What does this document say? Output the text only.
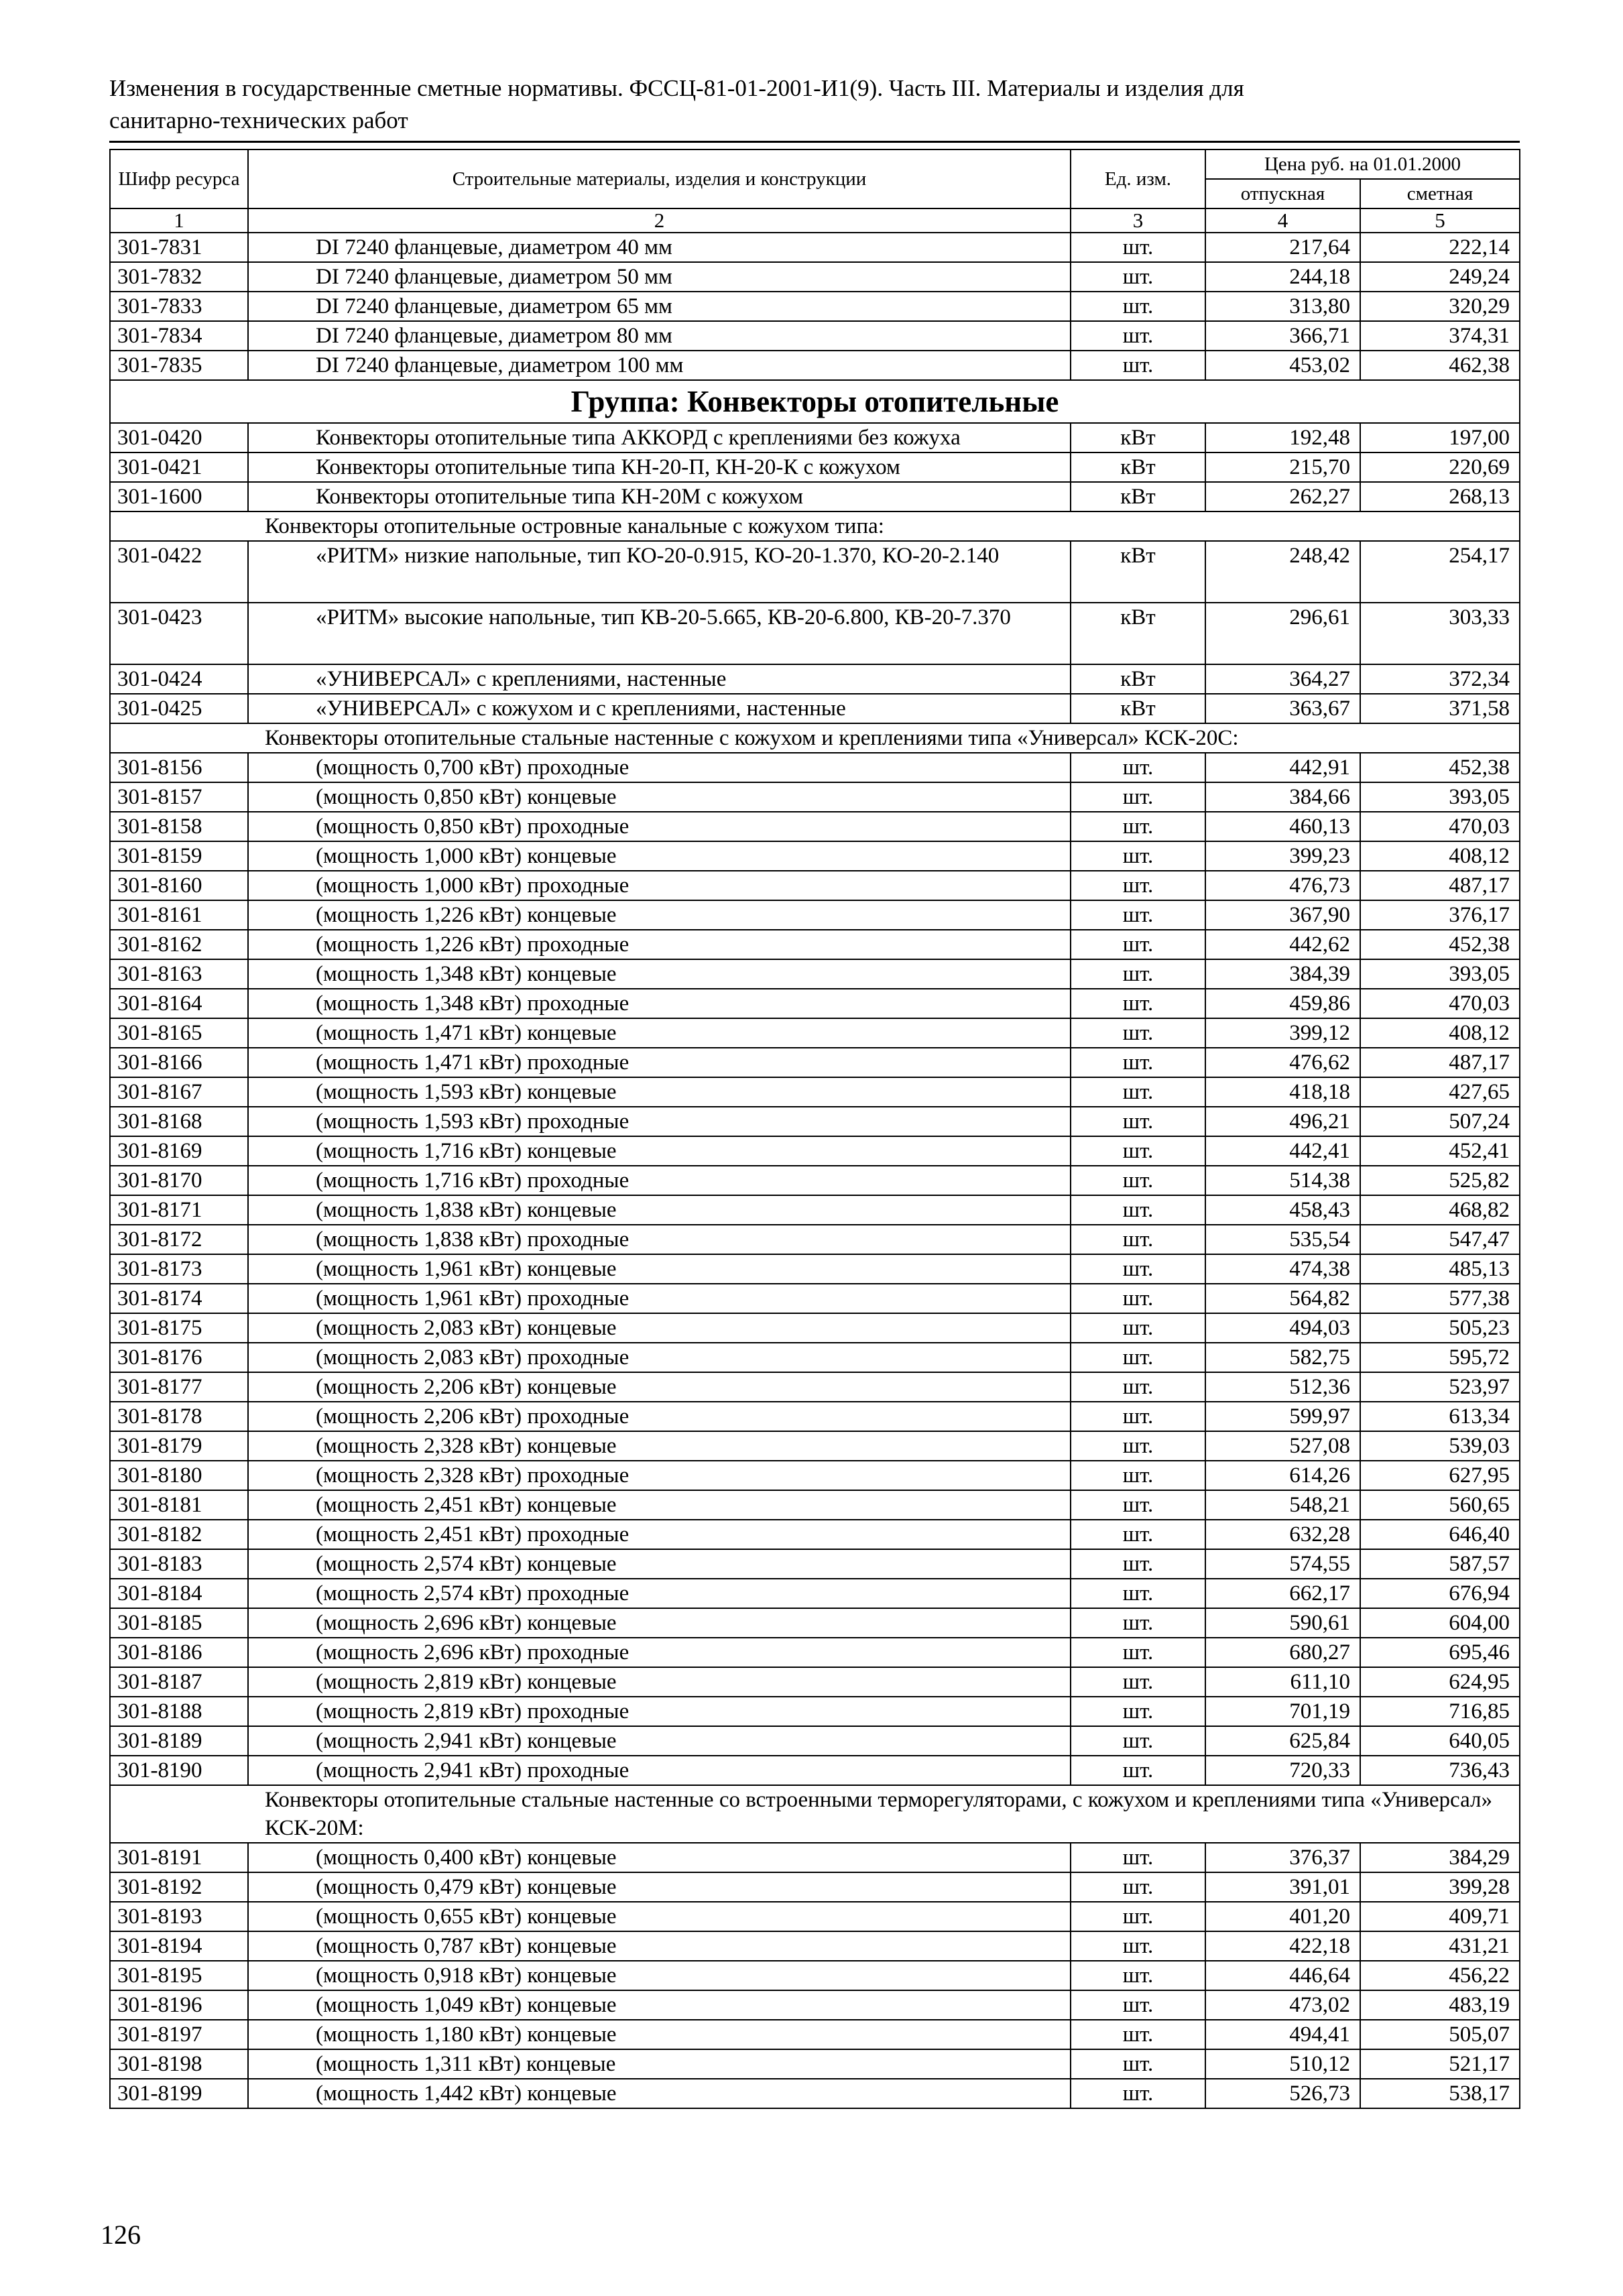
Изменения в государственные сметные нормативы. ФССЦ-81-01-2001-И1(9). Часть III. Материалы и изделия для
санитарно-технических работ
Шифр ресурса	Строительные материалы, изделия и конструкции	Ед. изм.	Цена руб. на 01.01.2000	
			отпускная	сметная
1	2	3	4	5
301-7831	DI 7240 фланцевые, диаметром 40 мм	шт.	217,64	222,14
301-7832	DI 7240 фланцевые, диаметром 50 мм	шт.	244,18	249,24
301-7833	DI 7240 фланцевые, диаметром 65 мм	шт.	313,80	320,29
301-7834	DI 7240 фланцевые, диаметром 80 мм	шт.	366,71	374,31
301-7835	DI 7240 фланцевые, диаметром 100 мм	шт.	453,02	462,38
Группа: Конвекторы отопительные				
301-0420	Конвекторы отопительные типа АККОРД с креплениями без кожуха	кВт	192,48	197,00
301-0421	Конвекторы отопительные типа КН-20-П, КН-20-К с кожухом	кВт	215,70	220,69
301-1600	Конвекторы отопительные типа КН-20М с кожухом	кВт	262,27	268,13
Конвекторы отопительные островные канальные с кожухом типа:				
301-0422	«РИТМ» низкие напольные, тип КО-20-0.915, КО-20-1.370, КО-20-2.140	кВт	248,42	254,17
301-0423	«РИТМ» высокие напольные, тип КВ-20-5.665, КВ-20-6.800, КВ-20-7.370	кВт	296,61	303,33
301-0424	«УНИВЕРСАЛ» с креплениями, настенные	кВт	364,27	372,34
301-0425	«УНИВЕРСАЛ» с кожухом и с креплениями, настенные	кВт	363,67	371,58
Конвекторы отопительные стальные настенные с кожухом и креплениями типа «Универсал» КСК-20С:				
301-8156	(мощность 0,700 кВт) проходные	шт.	442,91	452,38
301-8157	(мощность 0,850 кВт) концевые	шт.	384,66	393,05
301-8158	(мощность 0,850 кВт) проходные	шт.	460,13	470,03
301-8159	(мощность 1,000 кВт) концевые	шт.	399,23	408,12
301-8160	(мощность 1,000 кВт) проходные	шт.	476,73	487,17
301-8161	(мощность 1,226 кВт) концевые	шт.	367,90	376,17
301-8162	(мощность 1,226 кВт) проходные	шт.	442,62	452,38
301-8163	(мощность 1,348 кВт) концевые	шт.	384,39	393,05
301-8164	(мощность 1,348 кВт) проходные	шт.	459,86	470,03
301-8165	(мощность 1,471 кВт) концевые	шт.	399,12	408,12
301-8166	(мощность 1,471 кВт) проходные	шт.	476,62	487,17
301-8167	(мощность 1,593 кВт) концевые	шт.	418,18	427,65
301-8168	(мощность 1,593 кВт) проходные	шт.	496,21	507,24
301-8169	(мощность 1,716 кВт) концевые	шт.	442,41	452,41
301-8170	(мощность 1,716 кВт) проходные	шт.	514,38	525,82
301-8171	(мощность 1,838 кВт) концевые	шт.	458,43	468,82
301-8172	(мощность 1,838 кВт) проходные	шт.	535,54	547,47
301-8173	(мощность 1,961 кВт) концевые	шт.	474,38	485,13
301-8174	(мощность 1,961 кВт) проходные	шт.	564,82	577,38
301-8175	(мощность 2,083 кВт) концевые	шт.	494,03	505,23
301-8176	(мощность 2,083 кВт) проходные	шт.	582,75	595,72
301-8177	(мощность 2,206 кВт) концевые	шт.	512,36	523,97
301-8178	(мощность 2,206 кВт) проходные	шт.	599,97	613,34
301-8179	(мощность 2,328 кВт) концевые	шт.	527,08	539,03
301-8180	(мощность 2,328 кВт) проходные	шт.	614,26	627,95
301-8181	(мощность 2,451 кВт) концевые	шт.	548,21	560,65
301-8182	(мощность 2,451 кВт) проходные	шт.	632,28	646,40
301-8183	(мощность 2,574 кВт) концевые	шт.	574,55	587,57
301-8184	(мощность 2,574 кВт) проходные	шт.	662,17	676,94
301-8185	(мощность 2,696 кВт) концевые	шт.	590,61	604,00
301-8186	(мощность 2,696 кВт) проходные	шт.	680,27	695,46
301-8187	(мощность 2,819 кВт) концевые	шт.	611,10	624,95
301-8188	(мощность 2,819 кВт) проходные	шт.	701,19	716,85
301-8189	(мощность 2,941 кВт) концевые	шт.	625,84	640,05
301-8190	(мощность 2,941 кВт) проходные	шт.	720,33	736,43
Конвекторы отопительные стальные настенные со встроенными терморегуляторами, с кожухом и креплениями типа «Универсал» КСК-20М:				
301-8191	(мощность 0,400 кВт) концевые	шт.	376,37	384,29
301-8192	(мощность 0,479 кВт) концевые	шт.	391,01	399,28
301-8193	(мощность 0,655 кВт) концевые	шт.	401,20	409,71
301-8194	(мощность 0,787 кВт) концевые	шт.	422,18	431,21
301-8195	(мощность 0,918 кВт) концевые	шт.	446,64	456,22
301-8196	(мощность 1,049 кВт) концевые	шт.	473,02	483,19
301-8197	(мощность 1,180 кВт) концевые	шт.	494,41	505,07
301-8198	(мощность 1,311 кВт) концевые	шт.	510,12	521,17
301-8199	(мощность 1,442 кВт) концевые	шт.	526,73	538,17
126
